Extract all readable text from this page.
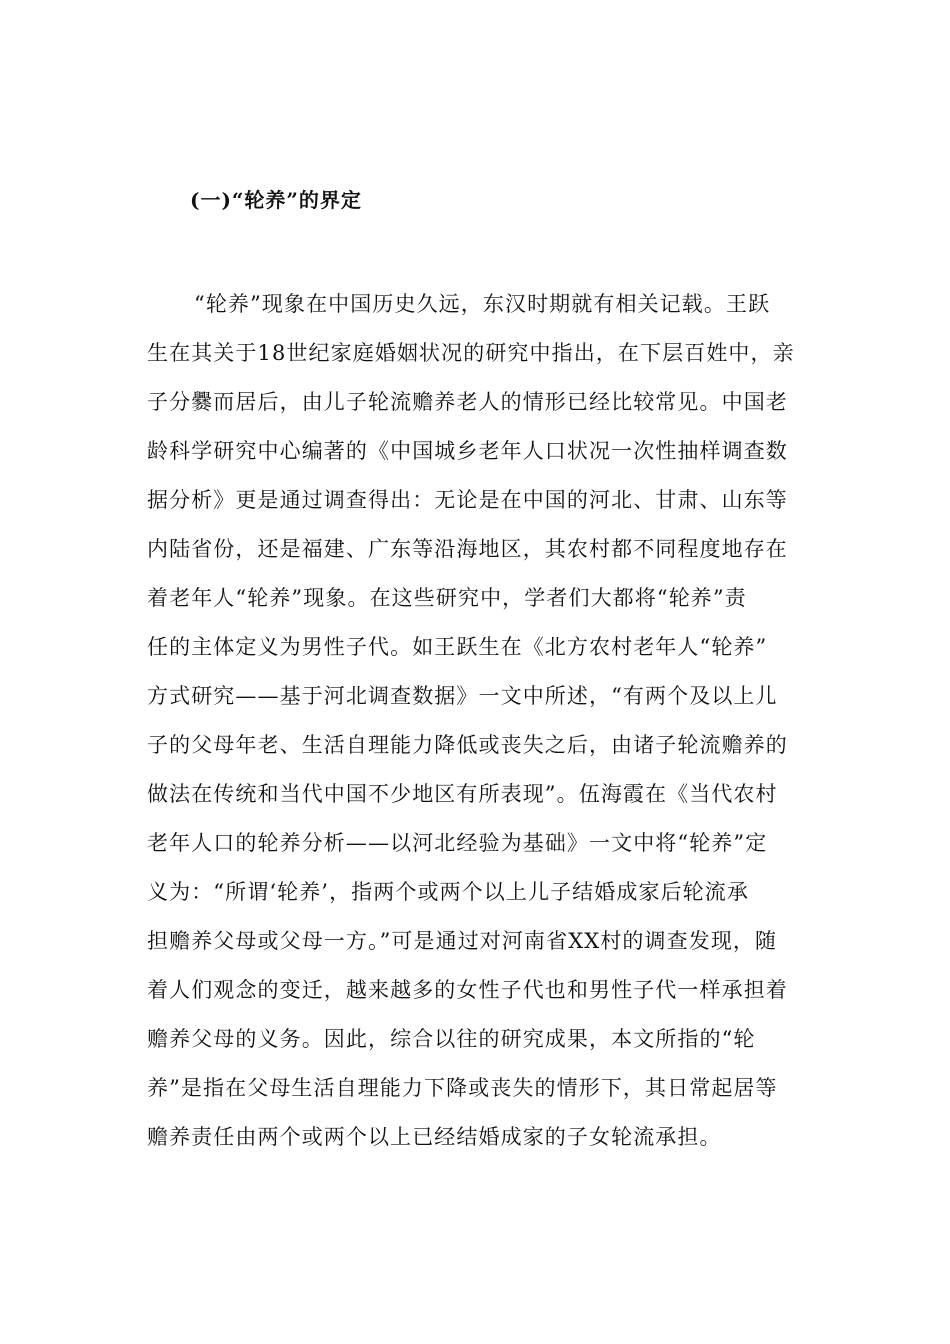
(一)“轮养”的界定
“轮养”现象在中国历史久远，东汉时期就有相关记载。王跃
生在其关于18世纪家庭婚姻状况的研究中指出，在下层百姓中，亲
子分爨而居后，由儿子轮流赡养老人的情形已经比较常见。中国老
龄科学研究中心编著的《中国城乡老年人口状况一次性抽样调查数
据分析》更是通过调查得出：无论是在中国的河北、甘肃、山东等
内陆省份，还是福建、广东等沿海地区，其农村都不同程度地存在
着老年人“轮养”现象。在这些研究中，学者们大都将“轮养”责
任的主体定义为男性子代。如王跃生在《北方农村老年人“轮养”
方式研究——基于河北调查数据》一文中所述，“有两个及以上儿
子的父母年老、生活自理能力降低或丧失之后，由诸子轮流赡养的
做法在传统和当代中国不少地区有所表现”。伍海霞在《当代农村
老年人口的轮养分析——以河北经验为基础》一文中将“轮养”定
义为：“所谓‘轮养’，指两个或两个以上儿子结婚成家后轮流承
担赡养父母或父母一方。”可是通过对河南省XX村的调查发现，随
着人们观念的变迁，越来越多的女性子代也和男性子代一样承担着
赡养父母的义务。因此，综合以往的研究成果，本文所指的“轮
养”是指在父母生活自理能力下降或丧失的情形下，其日常起居等
赡养责任由两个或两个以上已经结婚成家的子女轮流承担。
